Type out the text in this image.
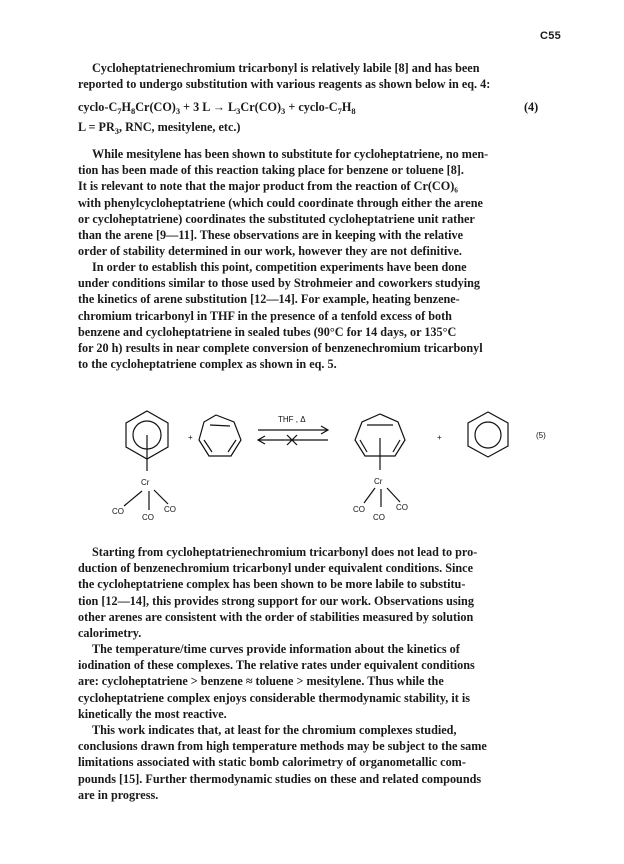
C55
Cycloheptatrienechromium tricarbonyl is relatively labile [8] and has been
reported to undergo substitution with various reagents as shown below in eq. 4:
cyclo-$C_7H_8Cr(CO)_3 + 3$ $L \to L_3Cr(CO)_3$ + cyclo-$C_7H_8$	(4)
$L = PR_3$, RNC, mesitylene, etc.)
While mesitylene has been shown to substitute for cycloheptatriene, no men-
tion has been made of this reaction taking place for benzene or toluene [8].
It is relevant to note that the major product from the reaction of Cr(CO)₆
with phenylcycloheptatriene (which could coordinate through either the arene
or cycloheptatriene) coordinates the substituted cycloheptatriene unit rather
than the arene [9—11]. These observations are in keeping with the relative
order of stability determined in our work, however they are not definitive.
In order to establish this point, competition experiments have been done
under conditions similar to those used by Strohmeier and coworkers studying
the kinetics of arene substitution [12—14]. For example, heating benzene-
chromium tricarbonyl in THF in the presence of a tenfold excess of both
benzene and cycloheptatriene in sealed tubes (90°C for 14 days, or 135°C
for 20 h) results in near complete conversion of benzenechromium tricarbonyl
to the cycloheptatriene complex as shown in eq. 5.
+
THF , Δ
+	(5)
Cr
CO
CO
CO
Cr
CO
CO
CO
Starting from cycloheptatrienechromium tricarbonyl does not lead to pro-
duction of benzenechromium tricarbonyl under equivalent conditions. Since
the cycloheptatriene complex has been shown to be more labile to substitu-
tion [12—14], this provides strong support for our work. Observations using
other arenes are consistent with the order of stabilities measured by solution
calorimetry.
The temperature/time curves provide information about the kinetics of
iodination of these complexes. The relative rates under equivalent conditions
are: cycloheptatriene > benzene ≈ toluene > mesitylene. Thus while the
cycloheptatriene complex enjoys considerable thermodynamic stability, it is
kinetically the most reactive.
This work indicates that, at least for the chromium complexes studied,
conclusions drawn from high temperature methods may be subject to the same
limitations associated with static bomb calorimetry of organometallic com-
pounds [15]. Further thermodynamic studies on these and related compounds
are in progress.
